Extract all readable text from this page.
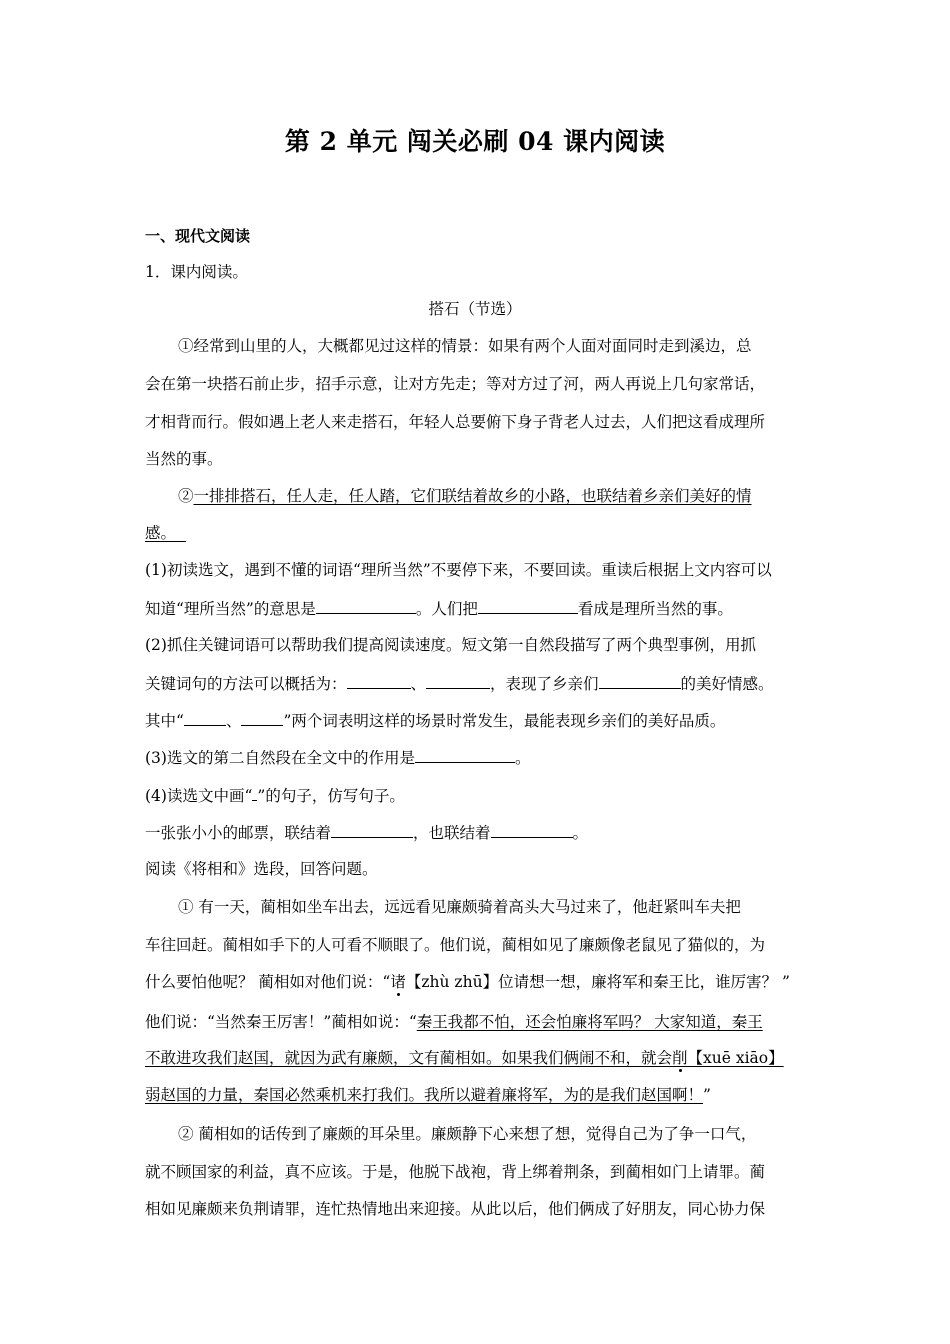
第 2 单元 闯关必刷 04 课内阅读
一、现代文阅读
1．课内阅读。
搭石（节选）
①经常到山里的人，大概都见过这样的情景：如果有两个人面对面同时走到溪边，总
会在第一块搭石前止步，招手示意，让对方先走；等对方过了河，两人再说上几句家常话，
才相背而行。假如遇上老人来走搭石，年轻人总要俯下身子背老人过去，人们把这看成理所
当然的事。
②一排排搭石，任人走，任人踏，它们联结着故乡的小路，也联结着乡亲们美好的情
感。
(1)初读选文，遇到不懂的词语“理所当然”不要停下来，不要回读。重读后根据上文内容可以
知道“理所当然”的意思是	。人们把	看成是理所当然的事。
(2)抓住关键词语可以帮助我们提高阅读速度。短文第一自然段描写了两个典型事例，用抓
关键词句的方法可以概括为：	、	，表现了乡亲们	的美好情感。
其中“	、	”两个词表明这样的场景时常发生，最能表现乡亲们的美好品质。
(3)选文的第二自然段在全文中的作用是	。
(4)读选文中画“ ”的句子，仿写句子。
一张张小小的邮票，联结着	，也联结着	。
阅读《将相和》选段，回答问题。
① 有一天，蔺相如坐车出去，远远看见廉颇骑着高头大马过来了，他赶紧叫车夫把
车往回赶。蔺相如手下的人可看不顺眼了。他们说，蔺相如见了廉颇像老鼠见了猫似的，为
什么要怕他呢？ 蔺相如对他们说：“诸【zhù zhū】位请想一想，廉将军和秦王比，谁厉害？ ”
他们说：“当然秦王厉害！”蔺相如说：“秦王我都不怕，还会怕廉将军吗？ 大家知道，秦王
不敢进攻我们赵国，就因为武有廉颇，文有蔺相如。如果我们俩闹不和，就会削【xuē xiāo】
弱赵国的力量，秦国必然乘机来打我们。我所以避着廉将军，为的是我们赵国啊！”
② 蔺相如的话传到了廉颇的耳朵里。廉颇静下心来想了想，觉得自己为了争一口气，
就不顾国家的利益，真不应该。于是，他脱下战袍，背上绑着荆条，到蔺相如门上请罪。蔺
相如见廉颇来负荆请罪，连忙热情地出来迎接。从此以后，他们俩成了好朋友，同心协力保
